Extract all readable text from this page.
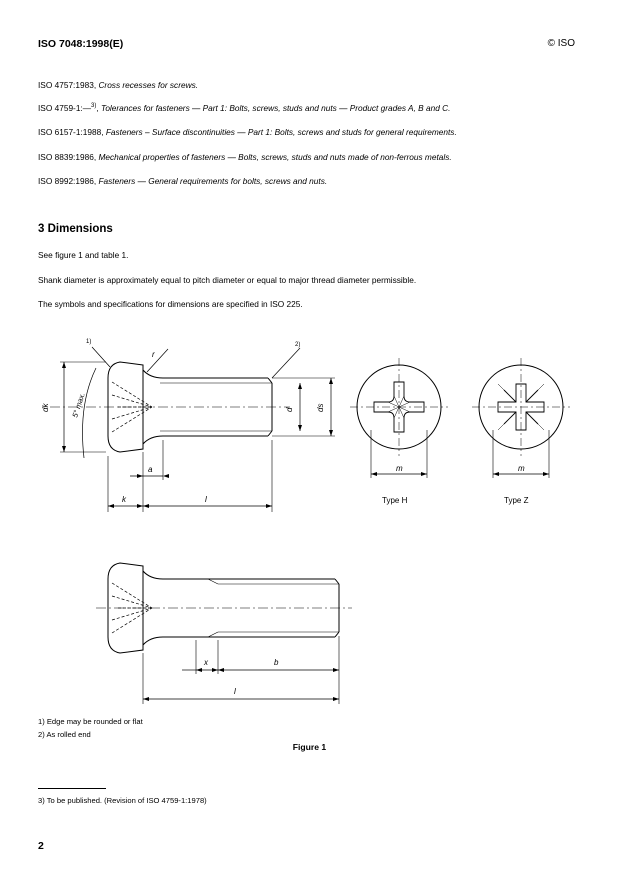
ISO 7048:1998(E)	© ISO
ISO 4757:1983, Cross recesses for screws.
ISO 4759-1:—$^{3)}$, Tolerances for fasteners — Part 1: Bolts, screws, studs and nuts — Product grades A, B and C.
ISO 6157-1:1988, Fasteners – Surface discontinuities — Part 1: Bolts, screws and studs for general requirements.
ISO 8839:1986, Mechanical properties of fasteners — Bolts, screws, studs and nuts made of non-ferrous metals.
ISO 8992:1986, Fasteners — General requirements for bolts, screws and nuts.
3 Dimensions
See figure 1 and table 1.
Shank diameter is approximately equal to pitch diameter or equal to major thread diameter permissible.
The symbols and specifications for dimensions are specified in ISO 225.
1)	2)
r
dk	5° max.	d	ds
a
k	l
m	m
Type H	Type Z
x	b
l
1) Edge may be rounded or flat
2) As rolled end
Figure 1
3) To be published. (Revision of ISO 4759-1:1978)
2
